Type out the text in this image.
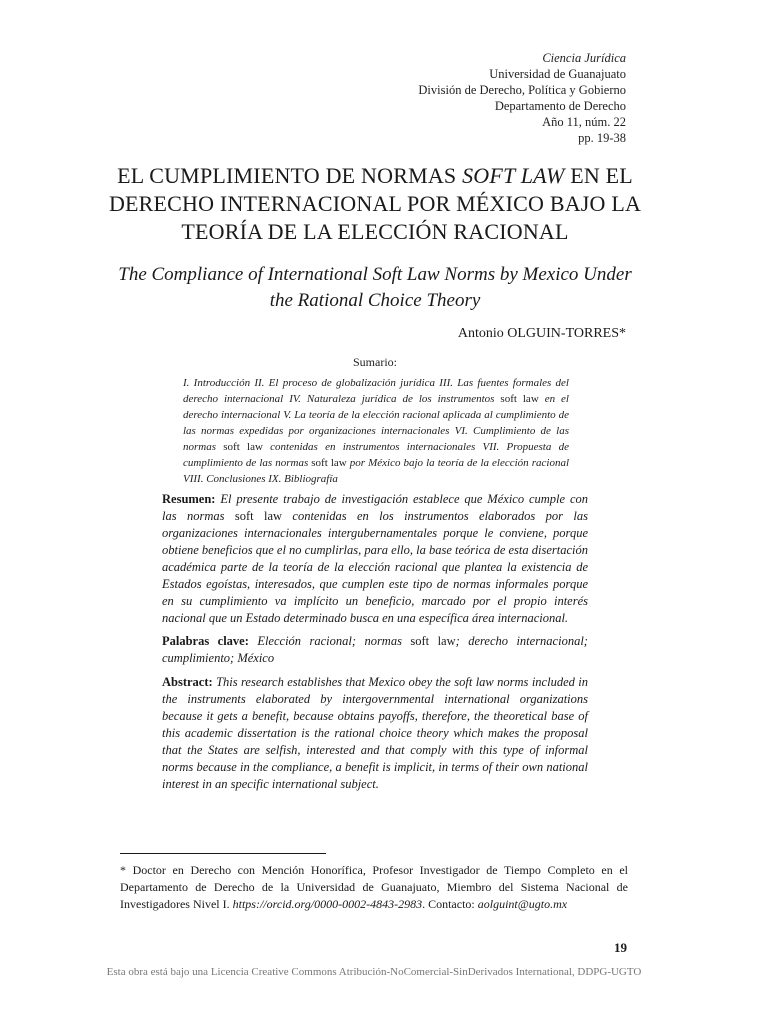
Ciencia Jurídica
Universidad de Guanajuato
División de Derecho, Política y Gobierno
Departamento de Derecho
Año 11, núm. 22
pp. 19-38
EL CUMPLIMIENTO DE NORMAS SOFT LAW EN EL DERECHO INTERNACIONAL POR MÉXICO BAJO LA TEORÍA DE LA ELECCIÓN RACIONAL
The Compliance of International Soft Law Norms by Mexico Under the Rational Choice Theory
Antonio OLGUIN-TORRES*
Sumario:
I. Introducción II. El proceso de globalización jurídica III. Las fuentes formales del derecho internacional IV. Naturaleza jurídica de los instrumentos soft law en el derecho internacional V. La teoría de la elección racional aplicada al cumplimiento de las normas expedidas por organizaciones internacionales VI. Cumplimiento de las normas soft law contenidas en instrumentos internacionales VII. Propuesta de cumplimiento de las normas soft law por México bajo la teoría de la elección racional VIII. Conclusiones IX. Bibliografía
Resumen: El presente trabajo de investigación establece que México cumple con las normas soft law contenidas en los instrumentos elaborados por las organizaciones internacionales intergubernamentales porque le conviene, porque obtiene beneficios que el no cumplirlas, para ello, la base teórica de esta disertación académica parte de la teoría de la elección racional que plantea la existencia de Estados egoístas, interesados, que cumplen este tipo de normas informales porque en su cumplimiento va implícito un beneficio, marcado por el propio interés nacional que un Estado determinado busca en una específica área internacional.
Palabras clave: Elección racional; normas soft law; derecho internacional; cumplimiento; México
Abstract: This research establishes that Mexico obey the soft law norms included in the instruments elaborated by intergovernmental international organizations because it gets a benefit, because obtains payoffs, therefore, the theoretical base of this academic dissertation is the rational choice theory which makes the proposal that the States are selfish, interested and that comply with this type of informal norms because in the compliance, a benefit is implicit, in terms of their own national interest in an specific international subject.
* Doctor en Derecho con Mención Honorífica, Profesor Investigador de Tiempo Completo en el Departamento de Derecho de la Universidad de Guanajuato, Miembro del Sistema Nacional de Investigadores Nivel I. https://orcid.org/0000-0002-4843-2983. Contacto: aolguint@ugto.mx
19
Esta obra está bajo una Licencia Creative Commons Atribución-NoComercial-SinDerivados International, DDPG-UGTO
